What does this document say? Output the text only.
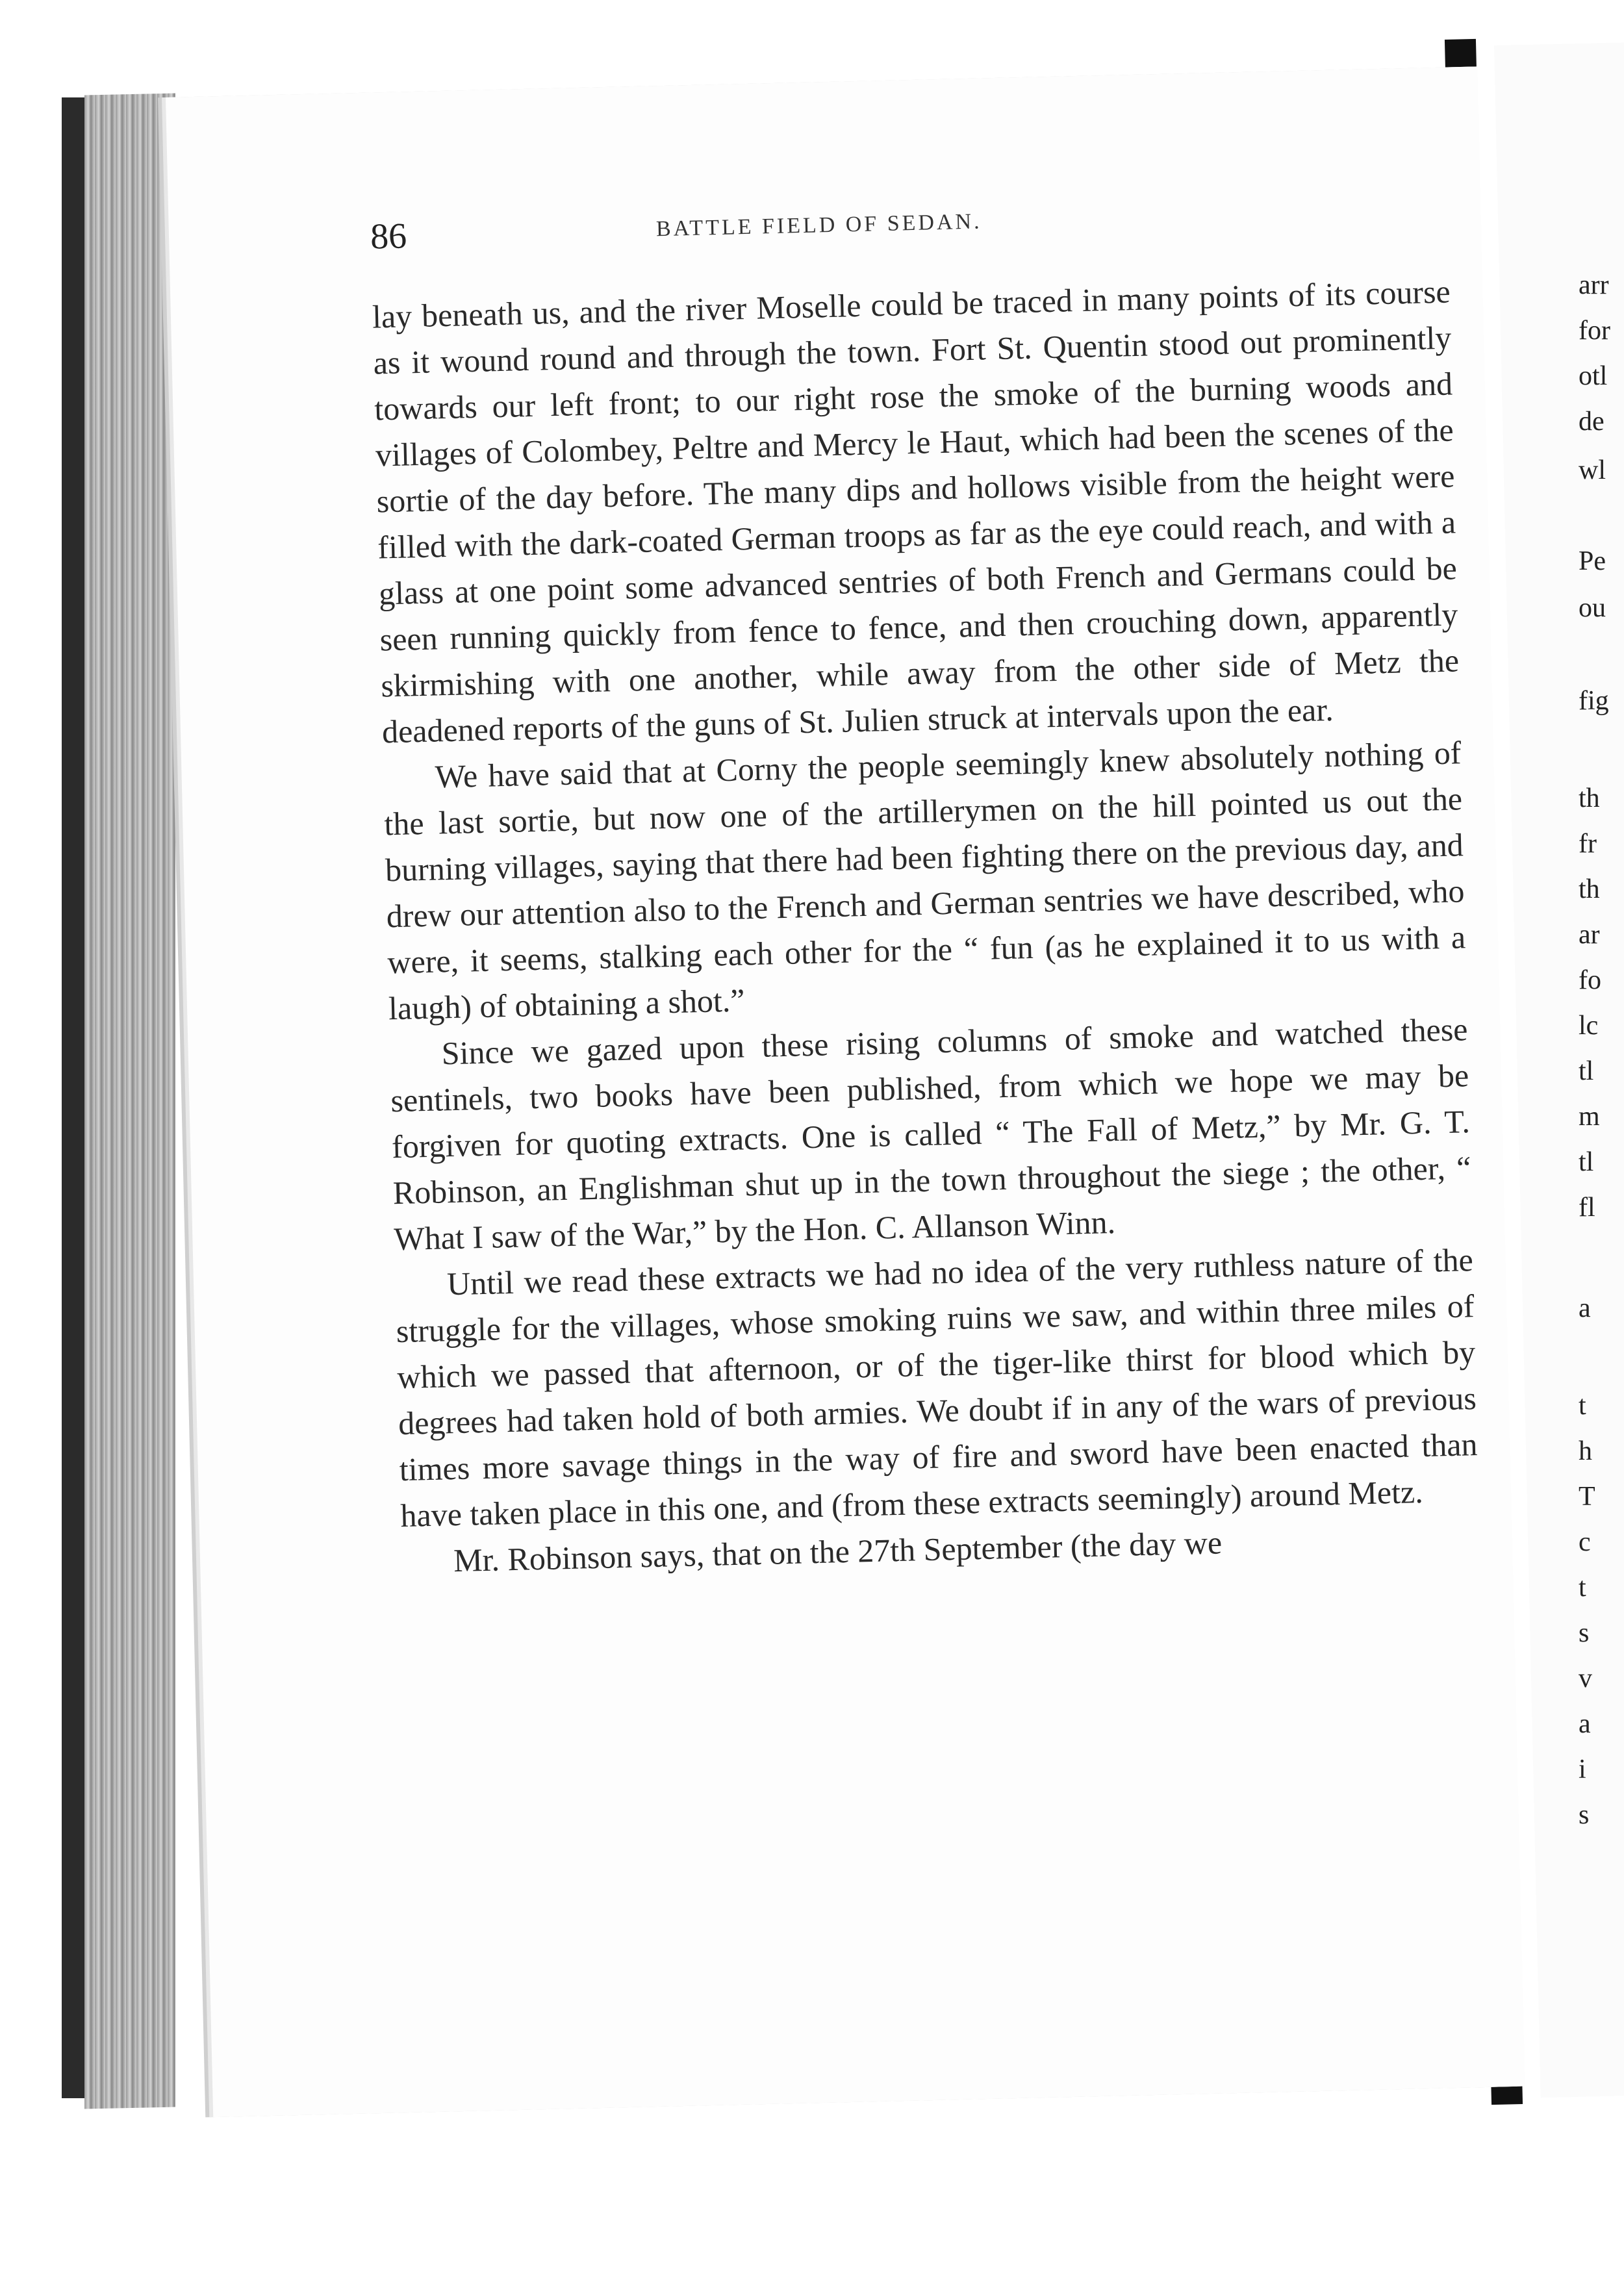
86	BATTLE FIELD OF SEDAN.

lay beneath us, and the river Moselle could be traced in many points of its course as it wound round and through the town. Fort St. Quentin stood out prominently towards our left front; to our right rose the smoke of the burning woods and villages of Colombey, Peltre and Mercy le Haut, which had been the scenes of the sortie of the day before. The many dips and hollows visible from the height were filled with the dark-coated German troops as far as the eye could reach, and with a glass at one point some advanced sentries of both French and Germans could be seen running quickly from fence to fence, and then crouching down, apparently skirmishing with one another, while away from the other side of Metz the deadened reports of the guns of St. Julien struck at intervals upon the ear.

We have said that at Corny the people seemingly knew absolutely nothing of the last sortie, but now one of the artillerymen on the hill pointed us out the burning villages, saying that there had been fighting there on the previous day, and drew our attention also to the French and German sentries we have described, who were, it seems, stalking each other for the “ fun (as he explained it to us with a laugh) of obtaining a shot.”

Since we gazed upon these rising columns of smoke and watched these sentinels, two books have been published, from which we hope we may be forgiven for quoting extracts. One is called “ The Fall of Metz,” by Mr. G. T. Robinson, an Englishman shut up in the town throughout the siege ; the other, “ What I saw of the War,” by the Hon. C. Allanson Winn.

Until we read these extracts we had no idea of the very ruthless nature of the struggle for the villages, whose smoking ruins we saw, and within three miles of which we passed that afternoon, or of the tiger-like thirst for blood which by degrees had taken hold of both armies. We doubt if in any of the wars of previous times more savage things in the way of fire and sword have been enacted than have taken place in this one, and (from these extracts seemingly) around Metz.

Mr. Robinson says, that on the 27th September (the day we

arr
for
otl
de
wl
Pe
ou
fig
th
fr
th
ar
fo
lc
tl
m
tl
fl
a
t
h
T
c
t
s
v
a
i
s
